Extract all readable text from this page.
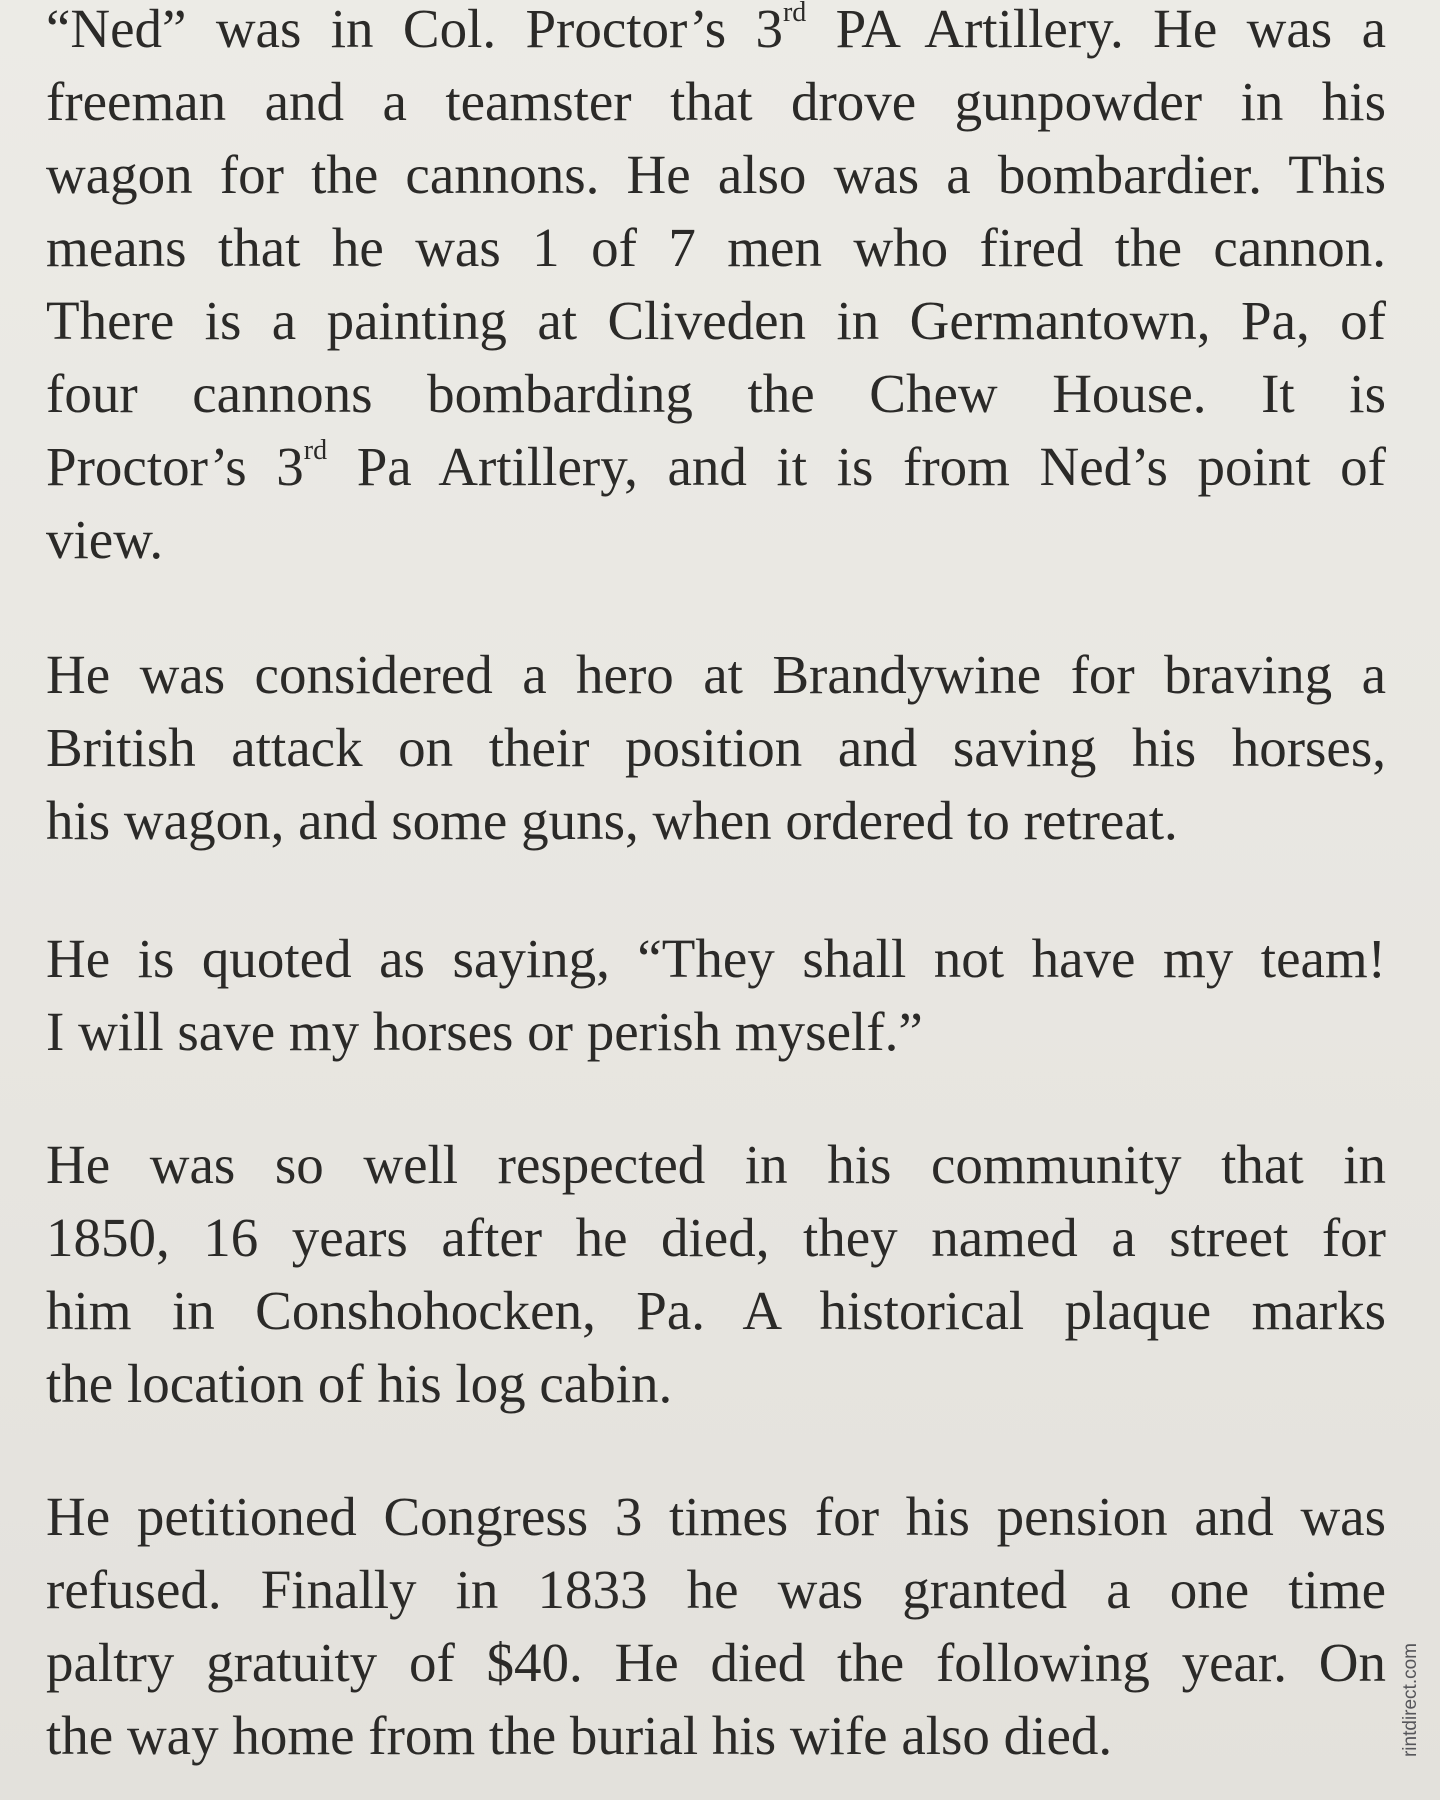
“Ned” was in Col. Proctor’s 3rd PA Artillery. He was a
freeman and a teamster that drove gunpowder in his
wagon for the cannons. He also was a bombardier. This
means that he was 1 of 7 men who fired the cannon.
There is a painting at Cliveden in Germantown, Pa, of
four cannons bombarding the Chew House. It is
Proctor’s 3rd Pa Artillery, and it is from Ned’s point of
view.
He was considered a hero at Brandywine for braving a
British attack on their position and saving his horses,
his wagon, and some guns, when ordered to retreat.
He is quoted as saying, “They shall not have my team!
I will save my horses or perish myself.”
He was so well respected in his community that in
1850, 16 years after he died, they named a street for
him in Conshohocken, Pa. A historical plaque marks
the location of his log cabin.
He petitioned Congress 3 times for his pension and was
refused. Finally in 1833 he was granted a one time
paltry gratuity of $40. He died the following year. On
the way home from the burial his wife also died.	rintdirect.com
